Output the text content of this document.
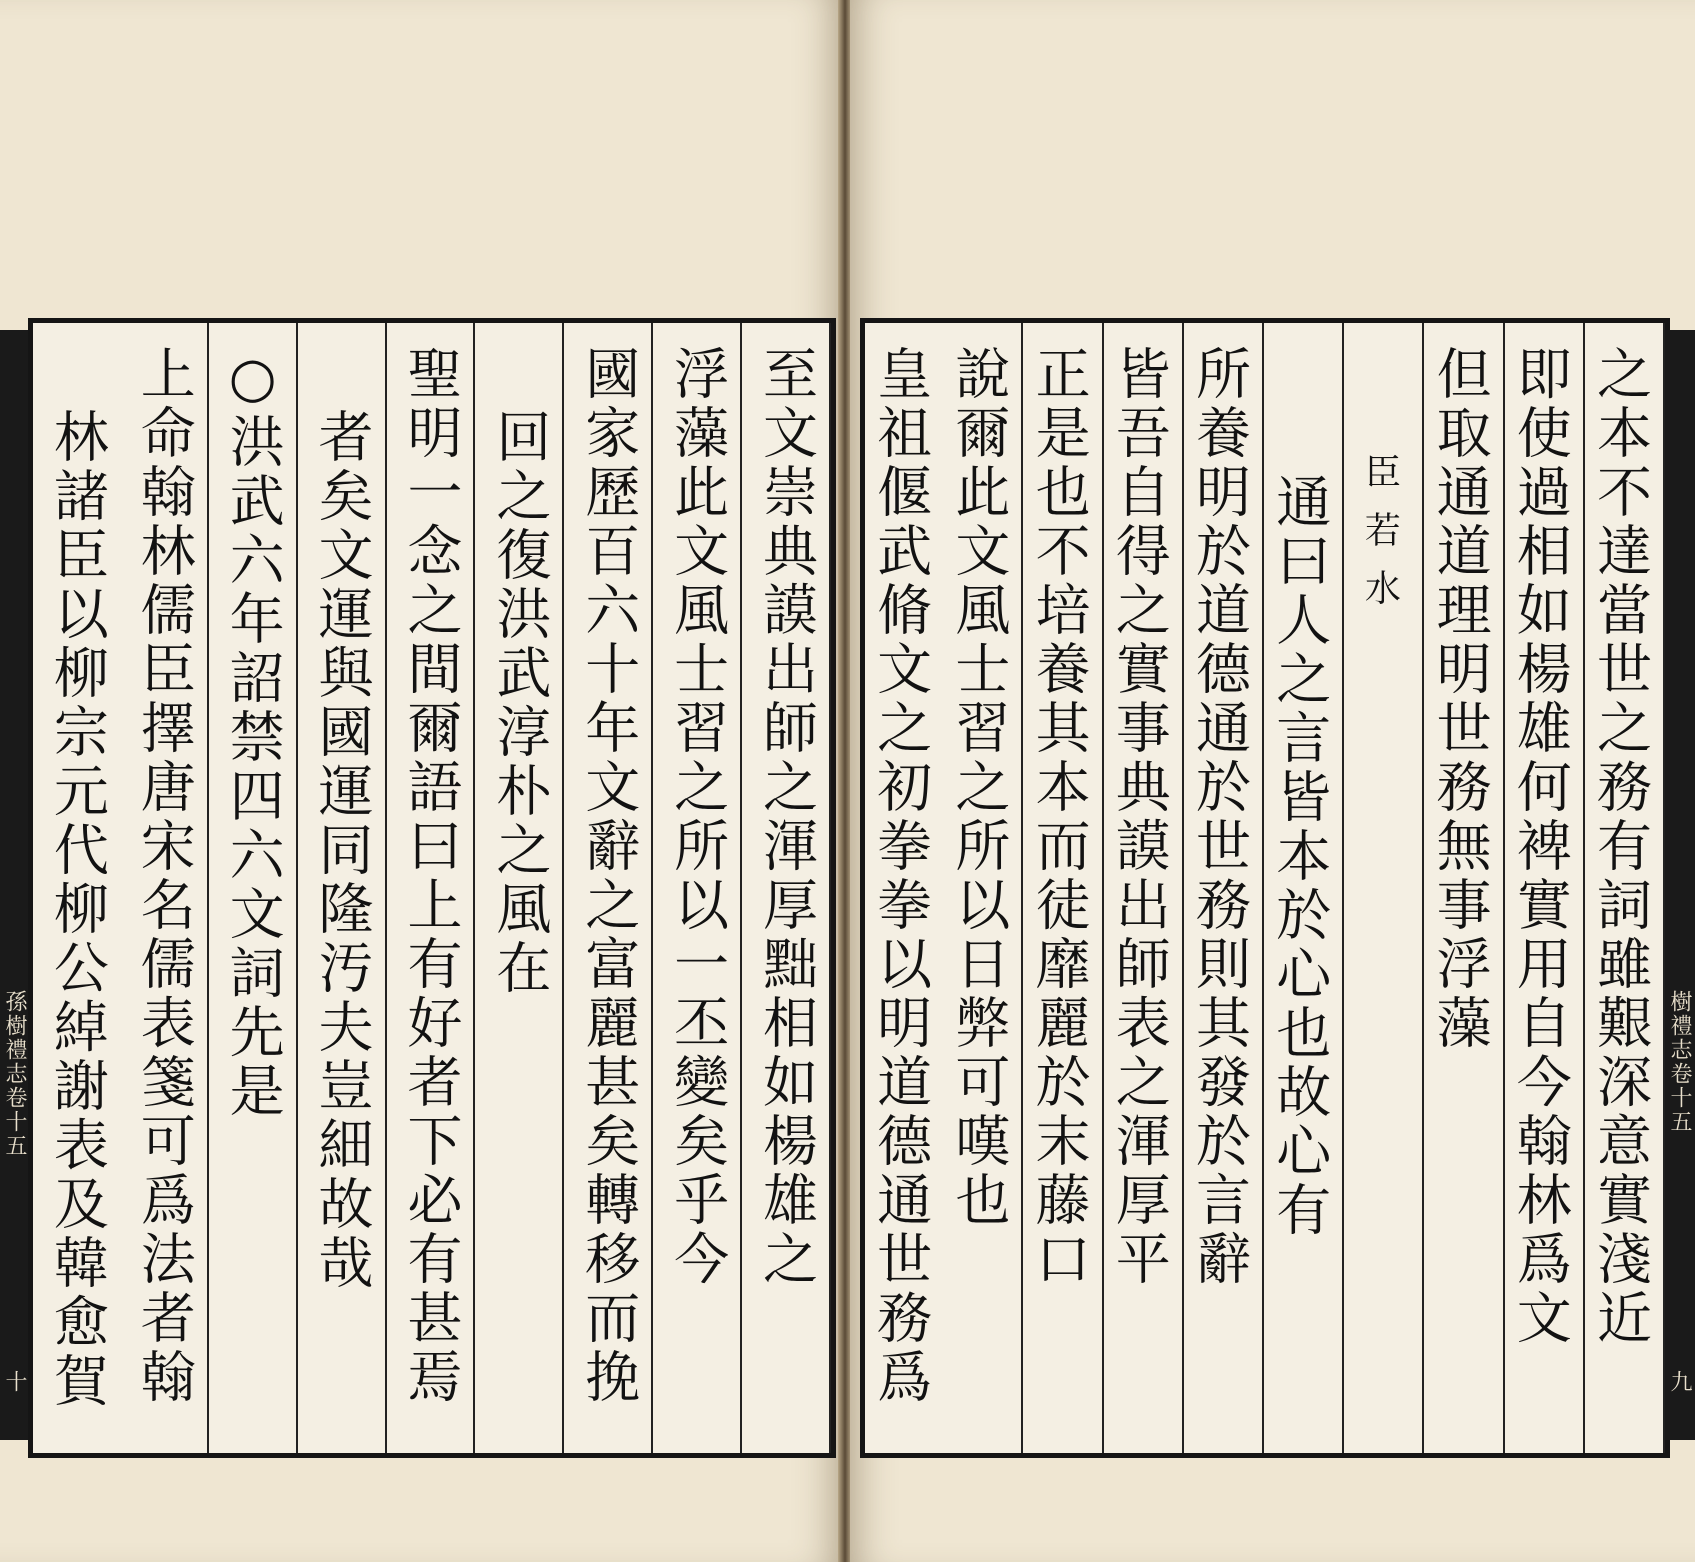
孫樹禮志卷十五
十
至文崇典謨出師之渾厚黜相如楊雄之
浮藻此文風士習之所以一丕變矣乎今
國家歷百六十年文辭之富麗甚矣轉移而挽
回之復洪武淳朴之風在
聖明一念之間爾語曰上有好者下必有甚焉
者矣文運與國運同隆汚夫豈細故哉
○洪武六年詔禁四六文詞先是
上命翰林儒臣擇唐宋名儒表箋可爲法者翰
林諸臣以柳宗元代柳公綽謝表及韓愈賀	之本不達當世之務有詞雖艱深意實淺近
即使過相如楊雄何裨實用自今翰林爲文
但取通道理明世務無事浮藻
臣若水
通曰人之言皆本於心也故心有
所養明於道德通於世務則其發於言辭
皆吾自得之實事典謨出師表之渾厚平
正是也不培養其本而徒靡麗於末藤口
說爾此文風士習之所以日弊可嘆也
皇祖偃武脩文之初拳拳以明道德通世務爲	樹禮志卷十五
九
